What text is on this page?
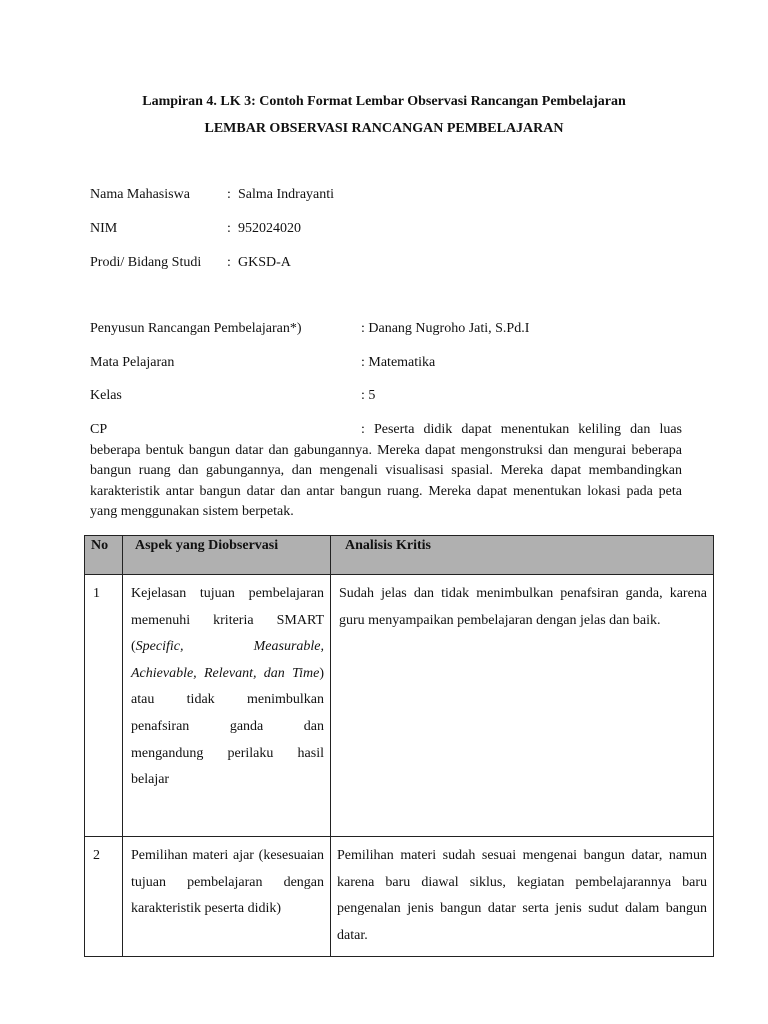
Lampiran 4. LK 3: Contoh Format Lembar Observasi Rancangan Pembelajaran
LEMBAR OBSERVASI RANCANGAN PEMBELAJARAN
Nama Mahasiswa	: Salma Indrayanti
NIM	: 952024020
Prodi/ Bidang Studi : GKSD-A
Penyusun Rancangan Pembelajaran*)	: Danang Nugroho Jati, S.Pd.I
Mata Pelajaran	: Matematika
Kelas	: 5
CP	: Peserta didik dapat menentukan keliling dan luas
beberapa bentuk bangun datar dan gabungannya. Mereka dapat mengonstruksi dan mengurai beberapa bangun ruang dan gabungannya, dan mengenali visualisasi spasial. Mereka dapat membandingkan karakteristik antar bangun datar dan antar bangun ruang. Mereka dapat menentukan lokasi pada peta yang menggunakan sistem berpetak.
No	Aspek yang Diobservasi	Analisis Kritis

1	Kejelasan tujuan pembelajaran memenuhi kriteria SMART (Specific, Measurable, Achievable, Relevant, dan Time) atau tidak menimbulkan penafsiran ganda dan mengandung perilaku hasil belajar	Sudah jelas dan tidak menimbulkan penafsiran ganda, karena guru menyampaikan pembelajaran dengan jelas dan baik.

2	Pemilihan materi ajar (kesesuaian tujuan pembelajaran dengan karakteristik peserta didik)	Pemilihan materi sudah sesuai mengenai bangun datar, namun karena baru diawal siklus, kegiatan pembelajarannya baru pengenalan jenis bangun datar serta jenis sudut dalam bangun datar.
